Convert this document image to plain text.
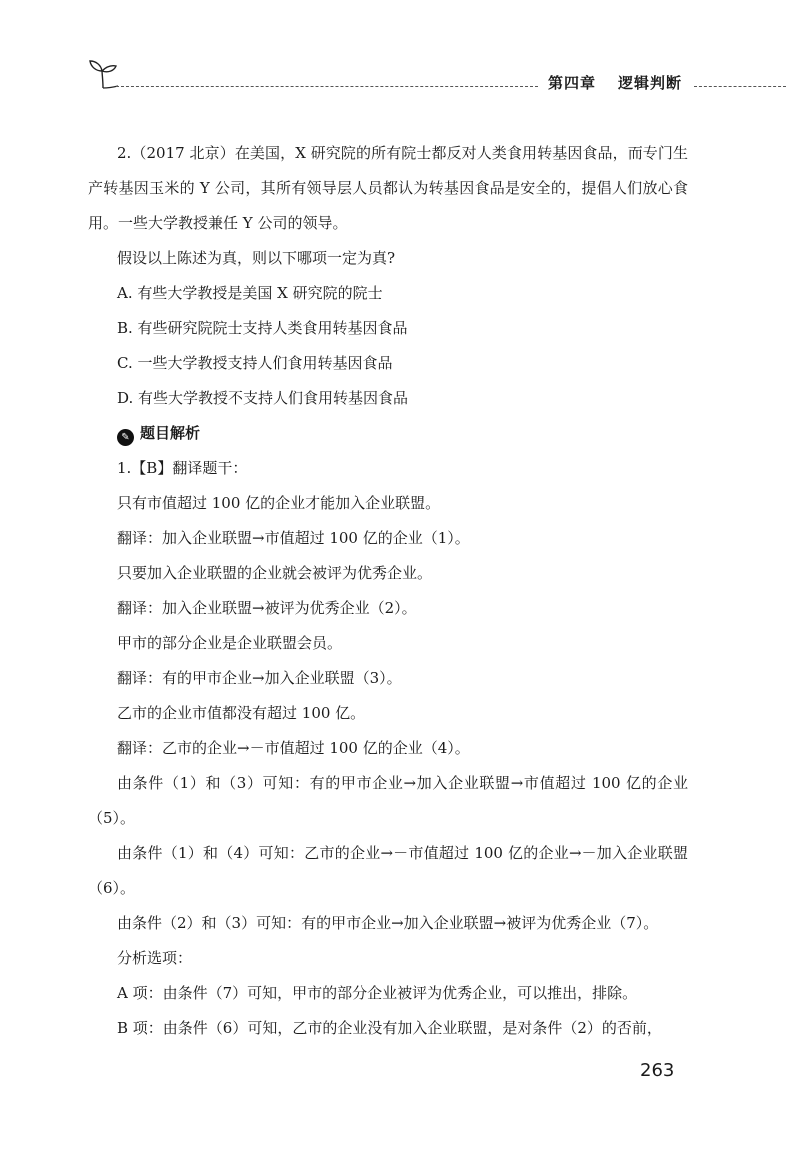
第四章 逻辑判断

2.（2017 北京）在美国，X 研究院的所有院士都反对人类食用转基因食品，而专门生产转基因玉米的 Y 公司，其所有领导层人员都认为转基因食品是安全的，提倡人们放心食用。一些大学教授兼任 Y 公司的领导。

假设以上陈述为真，则以下哪项一定为真?

A. 有些大学教授是美国 X 研究院的院士

B. 有些研究院院士支持人类食用转基因食品

C. 一些大学教授支持人们食用转基因食品

D. 有些大学教授不支持人们食用转基因食品

✎ 题目解析

1.【B】翻译题干：

只有市值超过 100 亿的企业才能加入企业联盟。

翻译：加入企业联盟→市值超过 100 亿的企业（1）。

只要加入企业联盟的企业就会被评为优秀企业。

翻译：加入企业联盟→被评为优秀企业（2）。

甲市的部分企业是企业联盟会员。

翻译：有的甲市企业→加入企业联盟（3）。

乙市的企业市值都没有超过 100 亿。

翻译：乙市的企业→－市值超过 100 亿的企业（4）。

由条件（1）和（3）可知：有的甲市企业→加入企业联盟→市值超过 100 亿的企业（5）。

由条件（1）和（4）可知：乙市的企业→－市值超过 100 亿的企业→－加入企业联盟（6）。

由条件（2）和（3）可知：有的甲市企业→加入企业联盟→被评为优秀企业（7）。

分析选项：

A 项：由条件（7）可知，甲市的部分企业被评为优秀企业，可以推出，排除。

B 项：由条件（6）可知，乙市的企业没有加入企业联盟，是对条件（2）的否前，

263
